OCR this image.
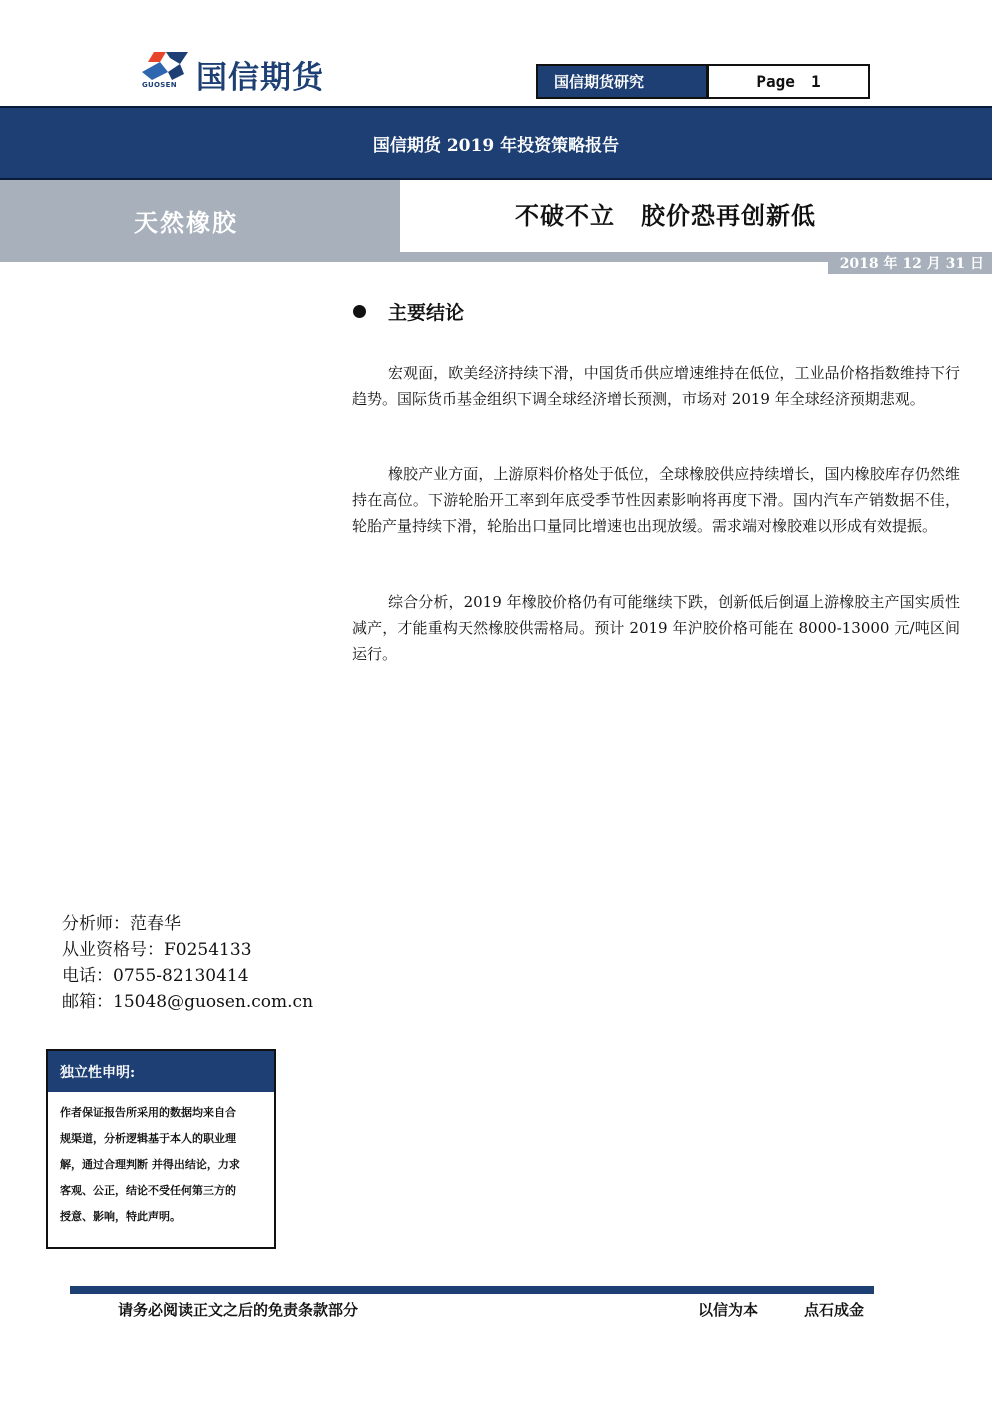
GUOSEN 国信期货	国信期货研究	Page 1
国信期货 2019 年投资策略报告
天然橡胶	不破不立 胶价恐再创新低
2018 年 12 月 31 日
主要结论

宏观面，欧美经济持续下滑，中国货币供应增速维持在低位，工业品价格指数维持下行趋势。国际货币基金组织下调全球经济增长预测，市场对 2019 年全球经济预期悲观。

橡胶产业方面，上游原料价格处于低位，全球橡胶供应持续增长，国内橡胶库存仍然维持在高位。下游轮胎开工率到年底受季节性因素影响将再度下滑。国内汽车产销数据不佳，轮胎产量持续下滑，轮胎出口量同比增速也出现放缓。需求端对橡胶难以形成有效提振。

综合分析，2019 年橡胶价格仍有可能继续下跌，创新低后倒逼上游橡胶主产国实质性减产，才能重构天然橡胶供需格局。预计 2019 年沪胶价格可能在 8000-13000 元/吨区间运行。

分析师：范春华
从业资格号：F0254133
电话：0755-82130414
邮箱：15048@guosen.com.cn
独立性申明:
作者保证报告所采用的数据均来自合
规渠道，分析逻辑基于本人的职业理
解，通过合理判断 并得出结论，力求
客观、公正，结论不受任何第三方的
授意、影响，特此声明。
请务必阅读正文之后的免责条款部分	以信为本	点石成金
